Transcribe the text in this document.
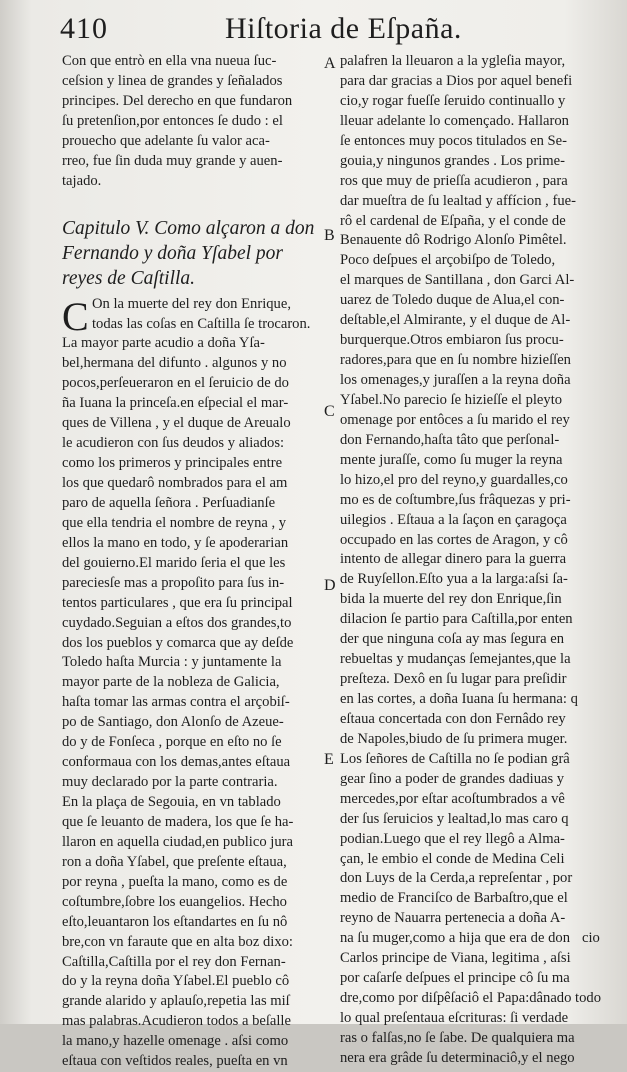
410	Hiſtoria de Eſpaña.
Con que entrò en ella vna nueua ſuc-
ceſsion y linea de grandes y ſeñalados
principes. Del derecho en que fundaron
ſu pretenſion,por entonces ſe dudo : el
prouecho que adelante ſu valor aca-
rreo, fue ſin duda muy grande y auen-
tajado.
Capitulo V. Como alçaron a don
Fernando y doña Yſabel por
reyes de Caſtilla.
C On la muerte del rey don Enrique,
todas las coſas en Caſtilla ſe trocaron.
La mayor parte acudio a doña Yſa-
bel,hermana del difunto . algunos y no
pocos,perſeueraron en el ſeruicio de do
ña Iuana la princeſa.en eſpecial el mar-
ques de Villena , y el duque de Areualo
le acudieron con ſus deudos y aliados:
como los primeros y principales entre
los que quedarô nombrados para el am
paro de aquella ſeñora . Perſuadianſe
que ella tendria el nombre de reyna , y
ellos la mano en todo, y ſe apoderarian
del gouierno.El marido ſeria el que les
pareciesſe mas a propoſito para ſus in-
tentos particulares , que era ſu principal
cuydado.Seguian a eſtos dos grandes,to
dos los pueblos y comarca que ay deſde
Toledo haſta Murcia : y juntamente la
mayor parte de la nobleza de Galicia,
haſta tomar las armas contra el arçobiſ-
po de Santiago, don Alonſo de Azeue-
do y de Fonſeca , porque en eſto no ſe
conformaua con los demas,antes eſtaua
muy declarado por la parte contraria.
En la plaça de Segouia, en vn tablado
que ſe leuanto de madera, los que ſe ha-
llaron en aquella ciudad,en publico jura
ron a doña Yſabel, que preſente eſtaua,
por reyna , pueſta la mano, como es de
coſtumbre,ſobre los euangelios. Hecho
eſto,leuantaron los eſtandartes en ſu nô
bre,con vn faraute que en alta boz dixo:
Caſtilla,Caſtilla por el rey don Fernan-
do y la reyna doña Yſabel.El pueblo cô
grande alarido y aplauſo,repetia las miſ
mas palabras.Acudieron todos a beſalle
la mano,y hazelle omenage . aſsi como
eſtaua con veſtidos reales, pueſta en vn
A
B
C
D
E
palafren la lleuaron a la ygleſia mayor,
para dar gracias a Dios por aquel benefi
cio,y rogar fueſſe ſeruido continuallo y
lleuar adelante lo començado. Hallaron
ſe entonces muy pocos titulados en Se-
gouia,y ningunos grandes . Los prime-
ros que muy de prieſſa acudieron , para
dar mueſtra de ſu lealtad y affícion , fue-
rô el cardenal de Eſpaña, y el conde de
Benauente dô Rodrigo Alonſo Pimêtel.
Poco deſpues el arçobiſpo de Toledo,
el marques de Santillana , don Garci Al-
uarez de Toledo duque de Alua,el con-
deſtable,el Almirante, y el duque de Al-
burquerque.Otros embiaron ſus procu-
radores,para que en ſu nombre hizieſſen
los omenages,y juraſſen a la reyna doña
Yſabel.No parecio ſe hizieſſe el pleyto
omenage por entôces a ſu marido el rey
don Fernando,haſta tâto que perſonal-
mente juraſſe, como ſu muger la reyna
lo hizo,el pro del reyno,y guardalles,co
mo es de coſtumbre,ſus frâquezas y pri-
uilegios . Eſtaua a la ſaçon en çaragoça
occupado en las cortes de Aragon, y cô
intento de allegar dinero para la guerra
de Ruyſellon.Eſto yua a la larga:aſsi ſa-
bida la muerte del rey don Enrique,ſin
dilacion ſe partio para Caſtilla,por enten
der que ninguna coſa ay mas ſegura en
rebueltas y mudanças ſemejantes,que la
preſteza. Dexô en ſu lugar para preſidir
en las cortes, a doña Iuana ſu hermana: q
eſtaua concertada con don Fernâdo rey
de Napoles,biudo de ſu primera muger.
Los ſeñores de Caſtilla no ſe podian grâ
gear ſino a poder de grandes dadiuas y
mercedes,por eſtar acoſtumbrados a vê
der ſus ſeruicios y lealtad,lo mas caro q
podian.Luego que el rey llegô a Alma-
çan, le embio el conde de Medina Celi
don Luys de la Cerda,a repreſentar , por
medio de Franciſco de Barbaſtro,que el
reyno de Nauarra pertenecia a doña A-
na ſu muger,como a hija que era de don
Carlos principe de Viana, legitima , aſsi
por caſarſe deſpues el principe cô ſu ma
dre,como por diſpêſaciô el Papa:dânado todo
lo qual preſentaua eſcrituras: ſi verdade
ras o falſas,no ſe ſabe. De qualquiera ma
nera era grâde ſu determinaciô,y el nego
cio
